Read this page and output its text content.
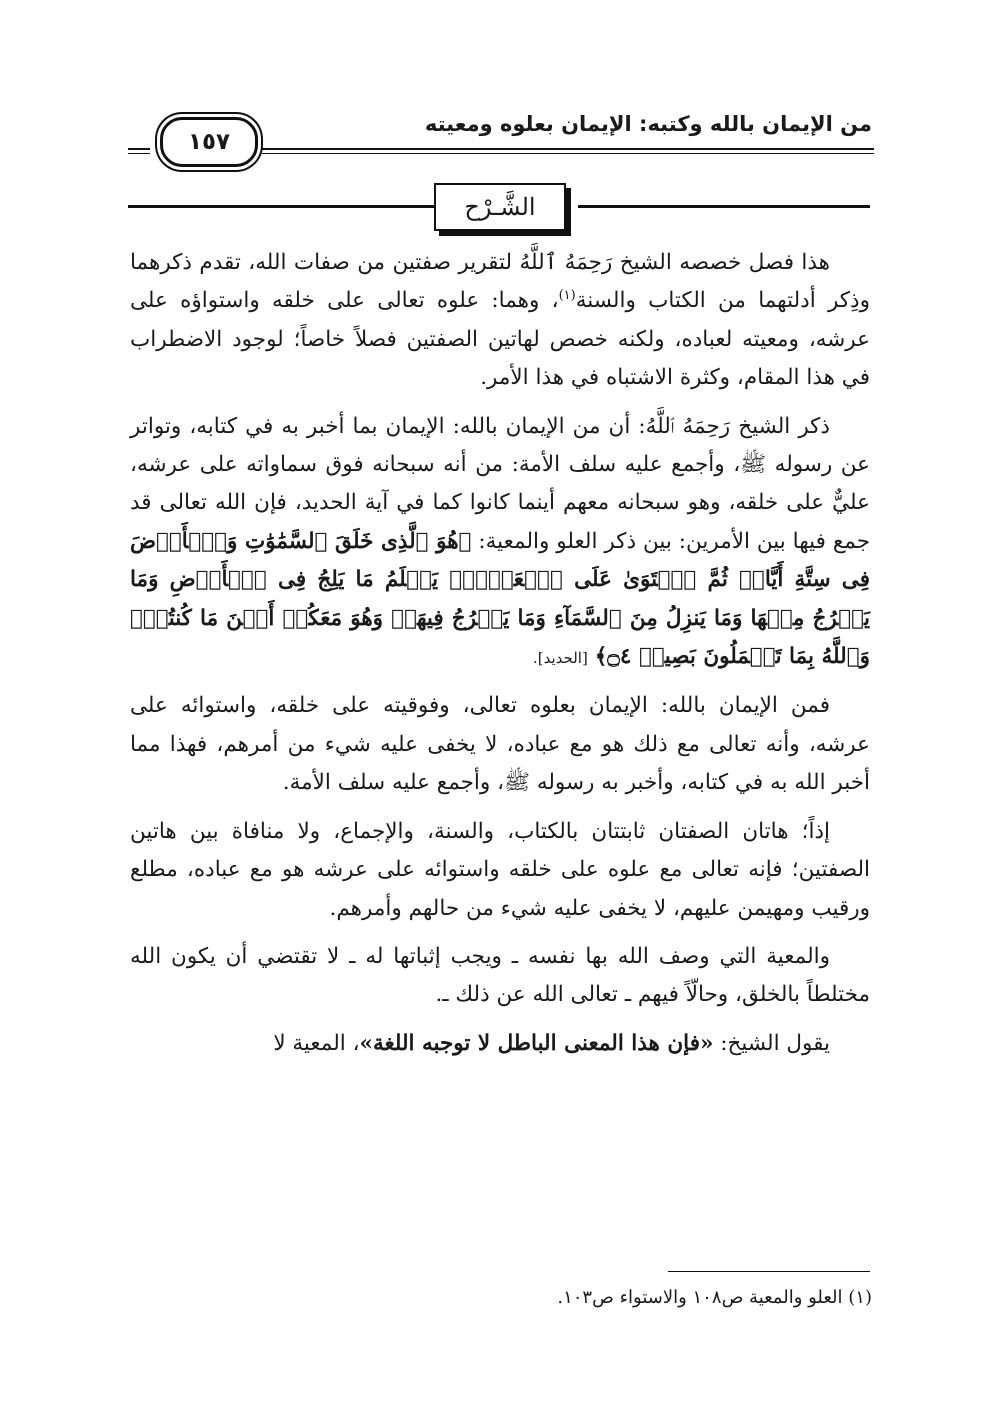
من الإيمان بالله وكتبه: الإيمان بعلوه ومعيته
١٥٧
الشَّـرْح

هذا فصل خصصه الشيخ رَحِمَهُ ٱللَّهُ لتقرير صفتين من صفات الله، تقدم ذكرهما وذِكر أدلتهما من الكتاب والسنة$^{(١)}$، وهما: علوه تعالى على خلقه واستواؤه على عرشه، ومعيته لعباده، ولكنه خصص لهاتين الصفتين فصلاً خاصاً؛ لوجود الاضطراب في هذا المقام، وكثرة الاشتباه في هذا الأمر.

ذكر الشيخ رَحِمَهُ ٱللَّهُ: أن من الإيمان بالله: الإيمان بما أخبر به في كتابه، وتواتر عن رسوله ﷺ، وأجمع عليه سلف الأمة: من أنه سبحانه فوق سماواته على عرشه، عليٌّ على خلقه، وهو سبحانه معهم أينما كانوا كما في آية الحديد، فإن الله تعالى قد جمع فيها بين الأمرين: بين ذكر العلو والمعية: ﴿هُوَ ٱلَّذِى خَلَقَ ٱلسَّمَٰوَٰتِ وَٱلۡأَرۡضَ فِى سِتَّةِ أَيَّامٖ ثُمَّ ٱسۡتَوَىٰ عَلَى ٱلۡعَرۡشِۚ يَعۡلَمُ مَا يَلِجُ فِى ٱلۡأَرۡضِ وَمَا يَخۡرُجُ مِنۡهَا وَمَا يَنزِلُ مِنَ ٱلسَّمَآءِ وَمَا يَعۡرُجُ فِيهَاۖ وَهُوَ مَعَكُمۡ أَيۡنَ مَا كُنتُمۡۚ وَٱللَّهُ بِمَا تَعۡمَلُونَ بَصِيرٞ ۝٤﴾ [الحديد].

فمن الإيمان بالله: الإيمان بعلوه تعالى، وفوقيته على خلقه، واستوائه على عرشه، وأنه تعالى مع ذلك هو مع عباده، لا يخفى عليه شيء من أمرهم، فهذا مما أخبر الله به في كتابه، وأخبر به رسوله ﷺ، وأجمع عليه سلف الأمة.

إذاً؛ هاتان الصفتان ثابتتان بالكتاب، والسنة، والإجماع، ولا منافاة بين هاتين الصفتين؛ فإنه تعالى مع علوه على خلقه واستوائه على عرشه هو مع عباده، مطلع ورقيب ومهيمن عليهم، لا يخفى عليه شيء من حالهم وأمرهم.

والمعية التي وصف الله بها نفسه ـ ويجب إثباتها له ـ لا تقتضي أن يكون الله مختلطاً بالخلق، وحالّاً فيهم ـ تعالى الله عن ذلك ـ.

يقول الشيخ: «فإن هذا المعنى الباطل لا توجبه اللغة»، المعية لا

(١) العلو والمعية ص١٠٨ والاستواء ص١٠٣.
